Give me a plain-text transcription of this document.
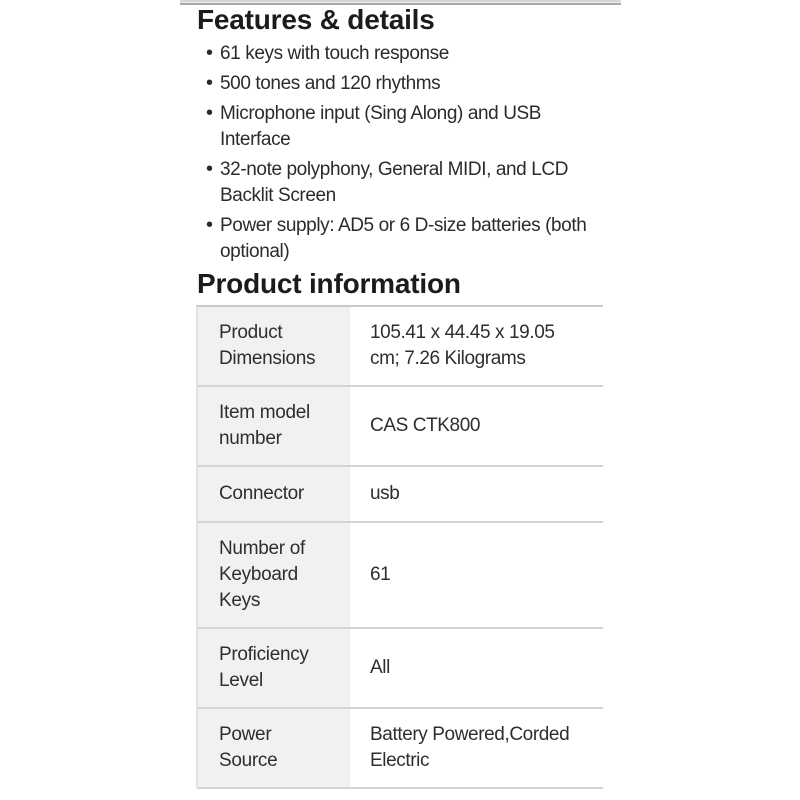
Features & details
• 61 keys with touch response
• 500 tones and 120 rhythms
• Microphone input (Sing Along) and USB Interface
• 32-note polyphony, General MIDI, and LCD Backlit Screen
• Power supply: AD5 or 6 D-size batteries (both optional)
Product information
Product Dimensions
105.41 x 44.45 x 19.05 cm; 7.26 Kilograms
Item model number
CAS CTK800
Connector	usb
Number of Keyboard Keys
61
Proficiency Level
All
Power Source
Battery Powered,Corded Electric
